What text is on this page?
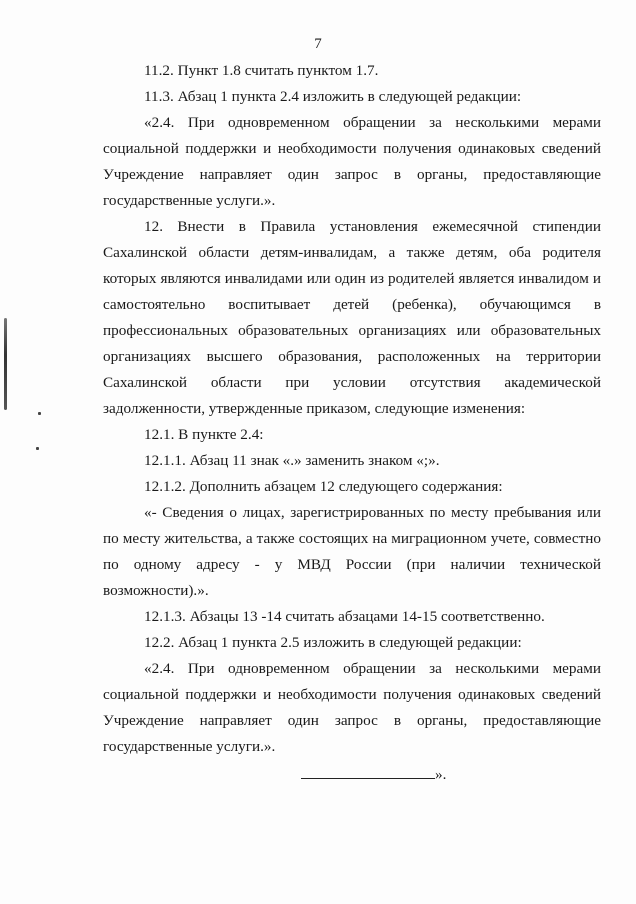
7

11.2. Пункт 1.8 считать пунктом 1.7.

11.3. Абзац 1 пункта 2.4 изложить в следующей редакции:

«2.4. При одновременном обращении за несколькими мерами социальной поддержки и необходимости получения одинаковых сведений Учреждение направляет один запрос в органы, предоставляющие государственные услуги.».

12. Внести в Правила установления ежемесячной стипендии Сахалинской области детям-инвалидам, а также детям, оба родителя которых являются инвалидами или один из родителей является инвалидом и самостоятельно воспитывает детей (ребенка), обучающимся в профессиональных образовательных организациях или образовательных организациях высшего образования, расположенных на территории Сахалинской области при условии отсутствия академической задолженности, утвержденные приказом, следующие изменения:

12.1. В пункте 2.4:

12.1.1. Абзац 11 знак «.» заменить знаком «;».

12.1.2. Дополнить абзацем 12 следующего содержания:

«- Сведения о лицах, зарегистрированных по месту пребывания или по месту жительства, а также состоящих на миграционном учете, совместно по одному адресу - у МВД России (при наличии технической возможности).».

12.1.3. Абзацы 13 -14 считать абзацами 14-15 соответственно.

12.2. Абзац 1 пункта 2.5 изложить в следующей редакции:

«2.4. При одновременном обращении за несколькими мерами социальной поддержки и необходимости получения одинаковых сведений Учреждение направляет один запрос в органы, предоставляющие государственные услуги.».

».
